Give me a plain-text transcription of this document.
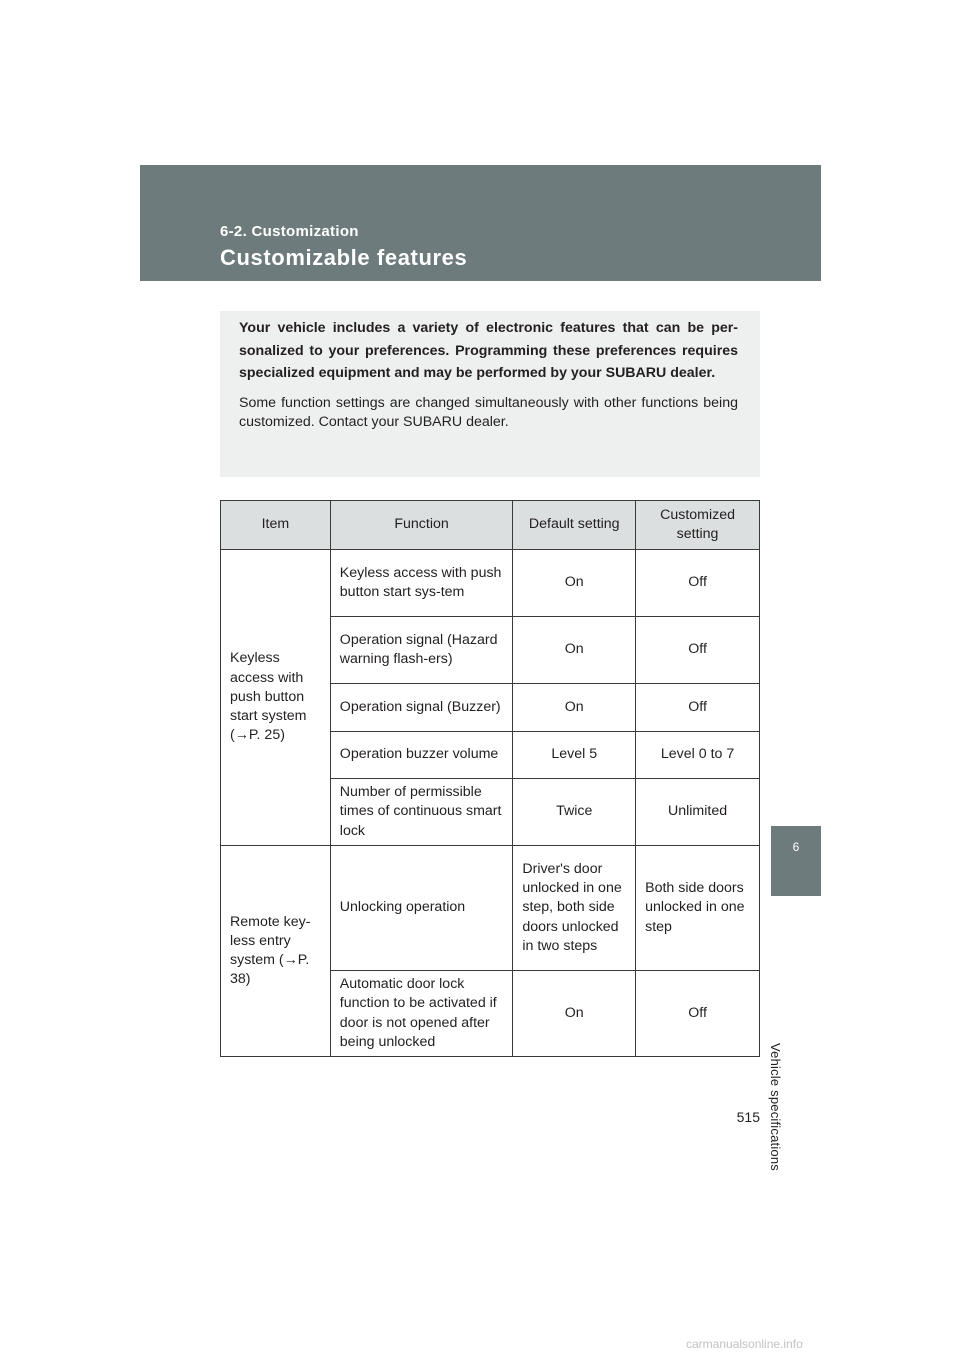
6-2. Customization
Customizable features

Your vehicle includes a variety of electronic features that can be per-sonalized to your preferences. Programming these preferences requires specialized equipment and may be performed by your SUBARU dealer.

Some function settings are changed simultaneously with other functions being customized. Contact your SUBARU dealer.

Item	Function	Default setting	Customized setting
Keyless access with push button start system (→P. 25)	Keyless access with push button start sys-tem	On	Off
	Operation signal (Hazard warning flash-ers)	On	Off
	Operation signal (Buzzer)	On	Off
	Operation buzzer volume	Level 5	Level 0 to 7
	Number of permissible times of continuous smart lock	Twice	Unlimited
Remote key-less entry system (→P. 38)	Unlocking operation	Driver's door unlocked in one step, both side doors unlocked in two steps	Both side doors unlocked in one step
	Automatic door lock function to be activated if door is not opened after being unlocked	On	Off
6
Vehicle specifications
515
carmanualsonline.info
